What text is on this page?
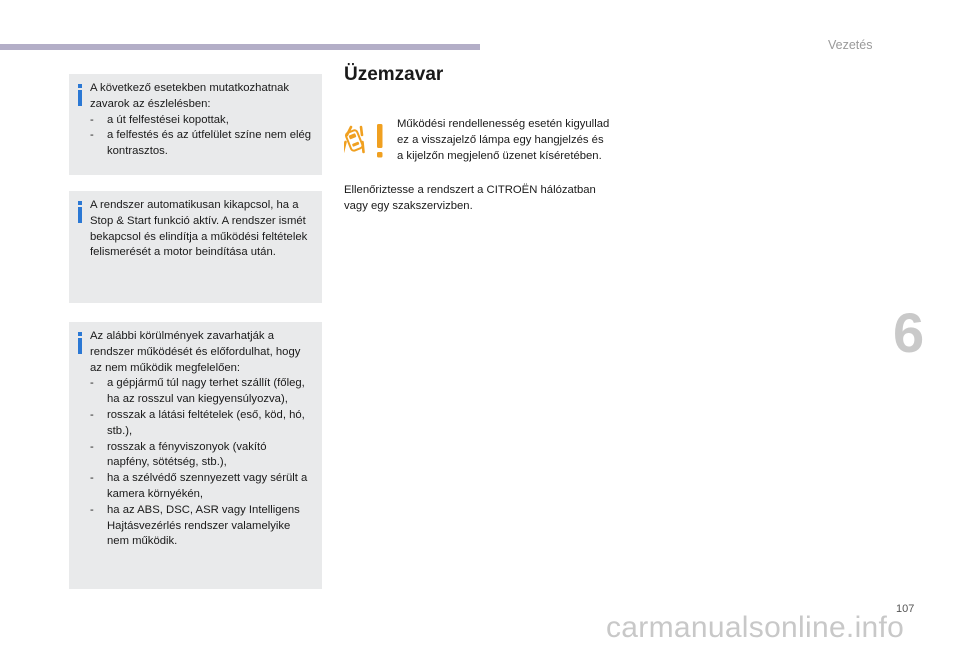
Vezetés
6

A következő esetekben mutatkozhatnak zavarok az észlelésben:

-	a út felfestései kopottak,
-	a felfestés és az útfelület színe nem elég kontrasztos.

A rendszer automatikusan kikapcsol, ha a Stop & Start funkció aktív. A rendszer ismét bekapcsol és elindítja a működési feltételek felismerését a motor beindítása után.

Az alábbi körülmények zavarhatják a rendszer működését és előfordulhat, hogy az nem működik megfelelően:

-	a gépjármű túl nagy terhet szállít (főleg, ha az rosszul van kiegyensúlyozva),
-	rosszak a látási feltételek (eső, köd, hó, stb.),
-	rosszak a fényviszonyok (vakító napfény, sötétség, stb.),
-	ha a szélvédő szennyezett vagy sérült a kamera környékén,
-	ha az ABS, DSC, ASR vagy Intelligens Hajtásvezérlés rendszer valamelyike nem működik.
Üzemzavar

Működési rendellenesség esetén kigyullad ez a visszajelző lámpa egy hangjelzés és a kijelzőn megjelenő üzenet kíséretében.

Ellenőriztesse a rendszert a CITROËN hálózatban vagy egy szakszervizben.

107
carmanualsonline.info
